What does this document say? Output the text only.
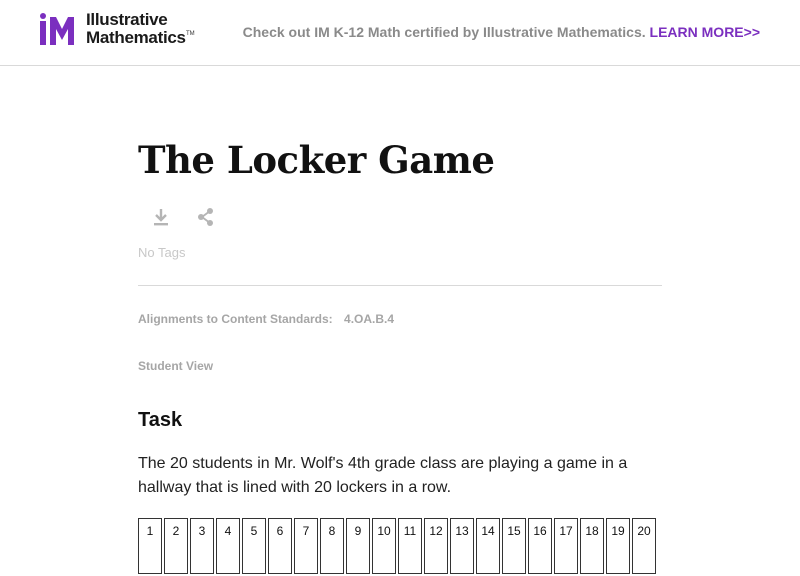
Illustrative
Mathematics TM	Check out IM K-12 Math certified by Illustrative Mathematics. LEARN MORE>>
The Locker Game
No Tags
Alignments to Content Standards: 4.OA.B.4
Student View
Task

The 20 students in Mr. Wolf's 4th grade class are playing a game in a hallway that is lined with 20 lockers in a row.

1	2	3	4	5	6	7	8	9	10	11	12	13	14	15	16	17	18	19	20
